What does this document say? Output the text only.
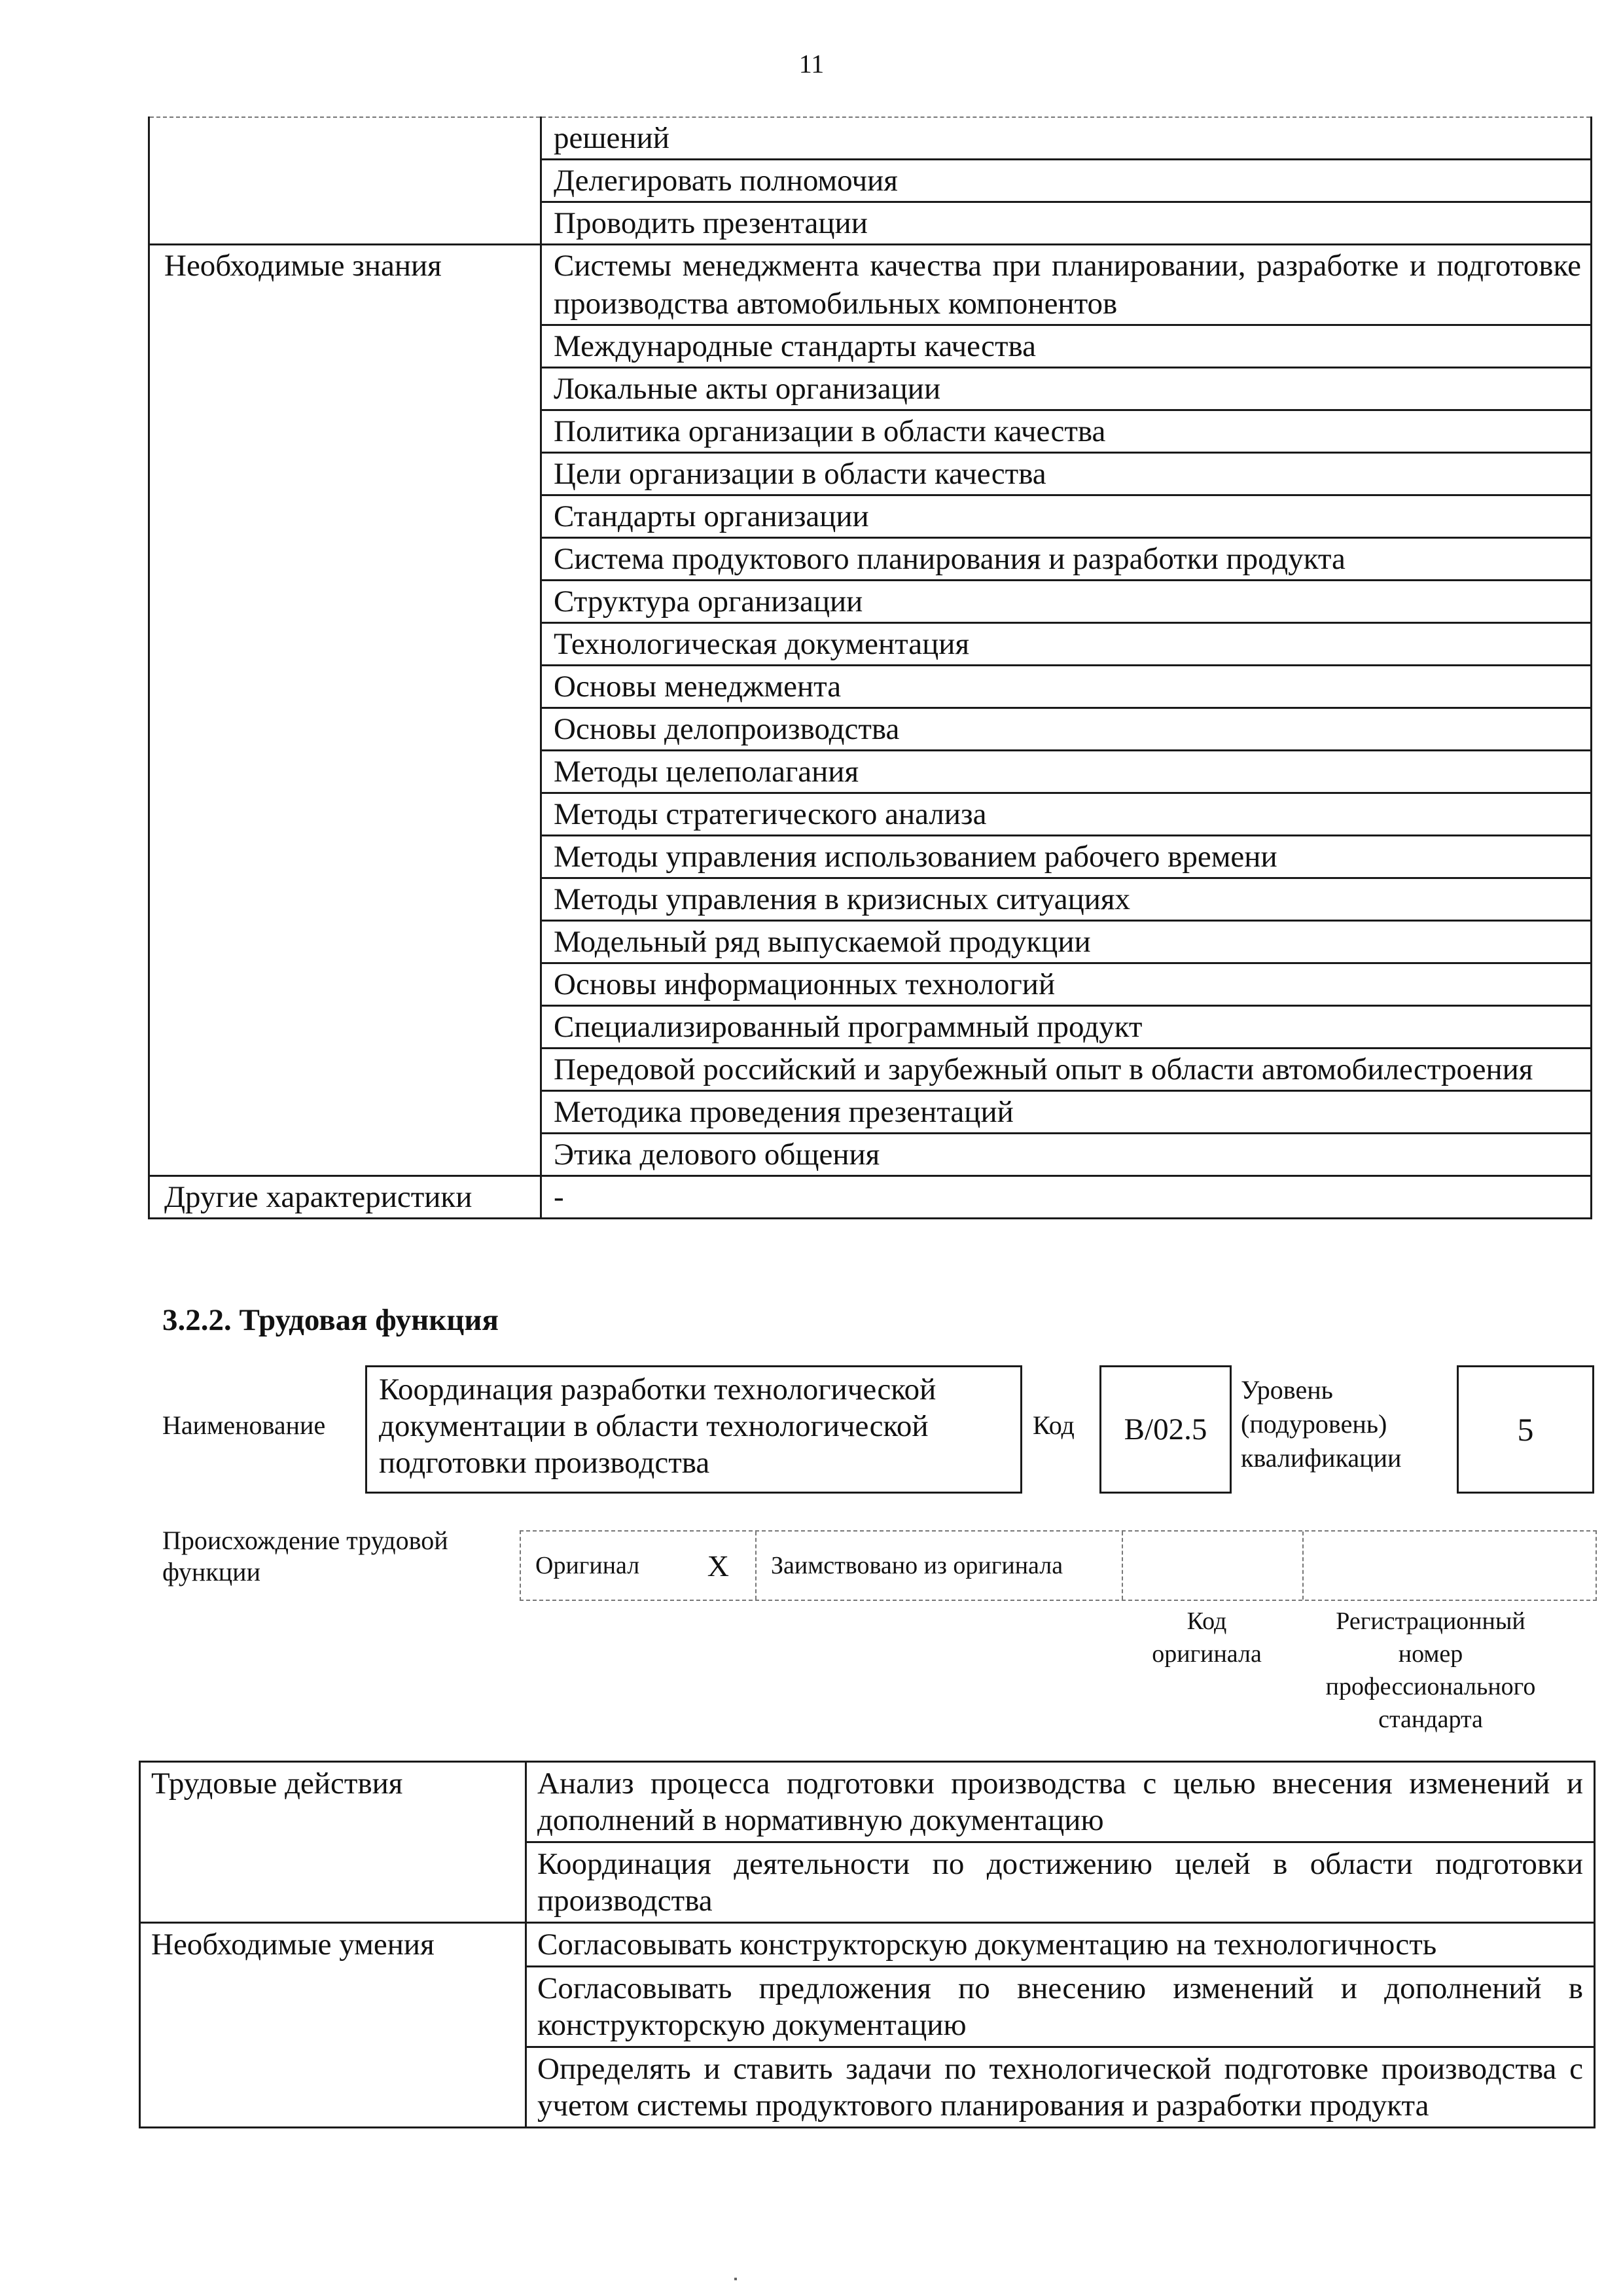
11
	решений
	Делегировать полномочия
	Проводить презентации
Необходимые знания	Системы менеджмента качества при планировании, разработке и подготовке производства автомобильных компонентов
	Международные стандарты качества
	Локальные акты организации
	Политика организации в области качества
	Цели организации в области качества
	Стандарты организации
	Система продуктового планирования и разработки продукта
	Структура организации
	Технологическая документация
	Основы менеджмента
	Основы делопроизводства
	Методы целеполагания
	Методы стратегического анализа
	Методы управления использованием рабочего времени
	Методы управления в кризисных ситуациях
	Модельный ряд выпускаемой продукции
	Основы информационных технологий
	Специализированный программный продукт
	Передовой российский и зарубежный опыт в области автомобилестроения
	Методика проведения презентаций
	Этика делового общения
Другие характеристики	-
3.2.2. Трудовая функция
Наименование
Координация разработки технологической документации в области технологической подготовки производства
Код B/02.5
Уровень
(подуровень)
квалификации
5
Происхождение трудовой
функции	Оригинал X Заимствовано из оригинала
Код
оригинала
Регистрационный
номер
профессионального
стандарта
Трудовые действия	Анализ процесса подготовки производства с целью внесения изменений и дополнений в нормативную документацию
	Координация деятельности по достижению целей в области подготовки производства
Необходимые умения	Согласовывать конструкторскую документацию на технологичность
	Согласовывать предложения по внесению изменений и дополнений в конструкторскую документацию
	Определять и ставить задачи по технологической подготовке производства с учетом системы продуктового планирования и разработки продукта
